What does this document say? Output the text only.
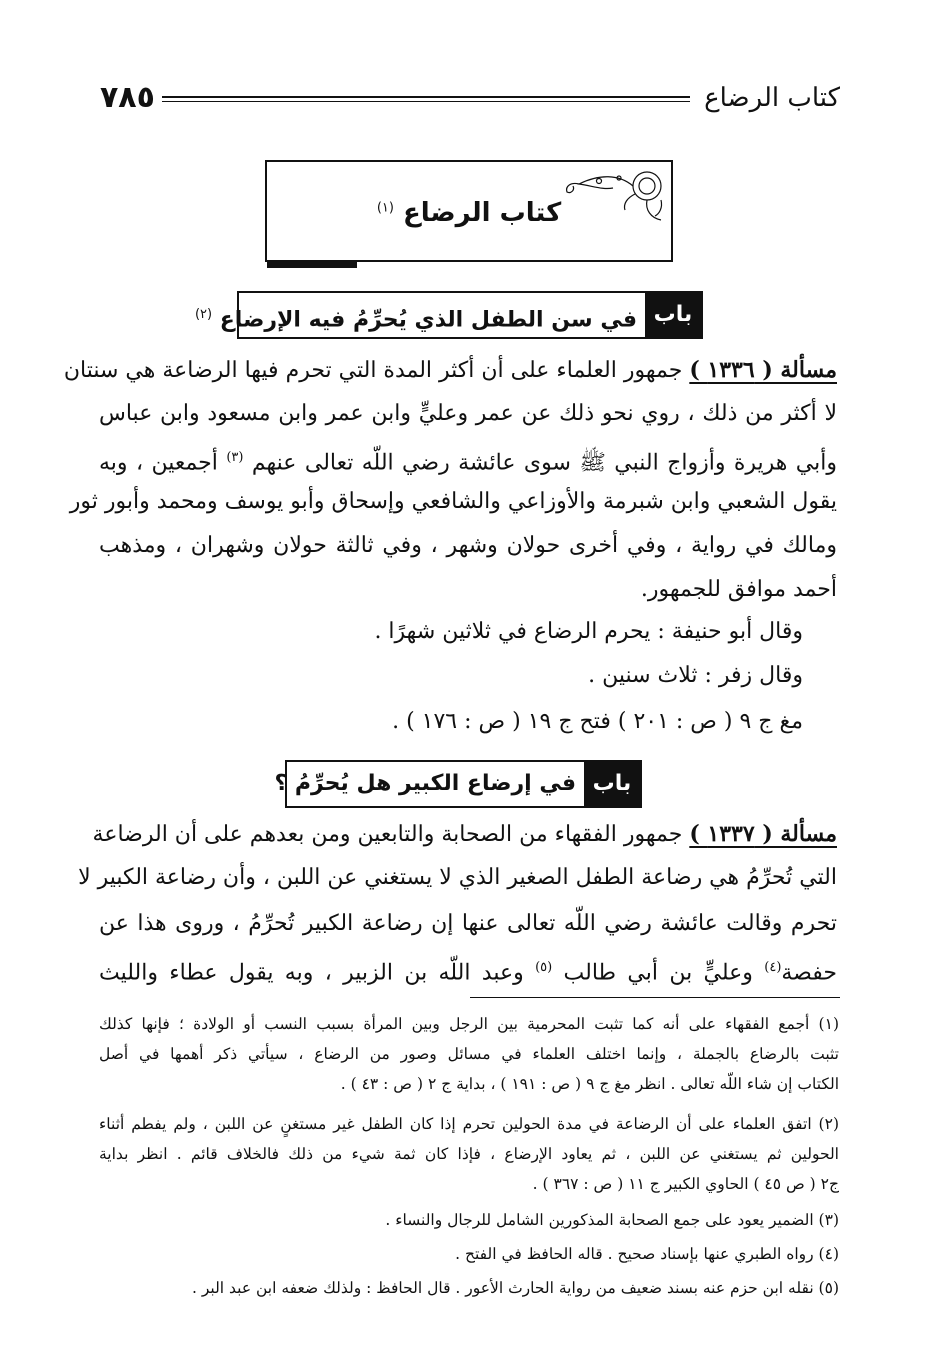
كتاب الرضاع
٧٨٥
كتاب الرضاع $^{(١)}$
باب
في سن الطفل الذي يُحرِّمُ فيه الإرضاع $^{(٢)}$
مسألة ( ١٣٣٦ ) جمهور العلماء على أن أكثر المدة التي تحرم فيها الرضاعة هي سنتان
لا أكثر من ذلك ، روي نحو ذلك عن عمر وعليٍّ وابن عمر وابن مسعود وابن عباس
وأبي هريرة وأزواج النبي ﷺ سوى عائشة رضي اللّه تعالى عنهم $^{(٣)}$ أجمعين ، وبه
يقول الشعبي وابن شبرمة والأوزاعي والشافعي وإسحاق وأبو يوسف ومحمد وأبور ثور
ومالك في رواية ، وفي أخرى حولان وشهر ، وفي ثالثة حولان وشهران ، ومذهب
أحمد موافق للجمهور.
وقال أبو حنيفة : يحرم الرضاع في ثلاثين شهرًا .
وقال زفر : ثلاث سنين .
مغ ج ٩ ( ص : ٢٠١ ) فتح ج ١٩ ( ص : ١٧٦ ) .
باب
في إرضاع الكبير هل يُحرِّمُ ؟
مسألة ( ١٣٣٧ ) جمهور الفقهاء من الصحابة والتابعين ومن بعدهم على أن الرضاعة
التي تُحرِّمُ هي رضاعة الطفل الصغير الذي لا يستغني عن اللبن ، وأن رضاعة الكبير لا
تحرم وقالت عائشة رضي اللّه تعالى عنها إن رضاعة الكبير تُحرِّمُ ، وروى هذا عن
حفصة$^{(٤)}$ وعليٍّ بن أبي طالب $^{(٥)}$ وعبد اللّه بن الزبير ، وبه يقول عطاء والليث
(١) أجمع الفقهاء على أنه كما تثبت المحرمية بين الرجل وبين المرأة بسبب النسب أو الولادة ؛ فإنها كذلك
تثبت بالرضاع بالجملة ، وإنما اختلف العلماء في مسائل وصور من الرضاع ، سيأتي ذكر أهمها في أصل
الكتاب إن شاء اللّه تعالى . انظر مغ ج ٩ ( ص : ١٩١ ) ، بداية ج ٢ ( ص : ٤٣ ) .
(٢) اتفق العلماء على أن الرضاعة في مدة الحولين تحرم إذا كان الطفل غير مستغنٍ عن اللبن ، ولم يفطم أثناء
الحولين ثم يستغني عن اللبن ، ثم يعاود الإرضاع ، فإذا كان ثمة شيء من ذلك فالخلاف قائم . انظر بداية
ج٢ ( ص ٤٥ ) الحاوي الكبير ج ١١ ( ص : ٣٦٧ ) .
(٣) الضمير يعود على جمع الصحابة المذكورين الشامل للرجال والنساء .
(٤) رواه الطبري عنها بإسناد صحيح . قاله الحافظ في الفتح .
(٥) نقله ابن حزم عنه بسند ضعيف من رواية الحارث الأعور . قال الحافظ : ولذلك ضعفه ابن عبد البر .
